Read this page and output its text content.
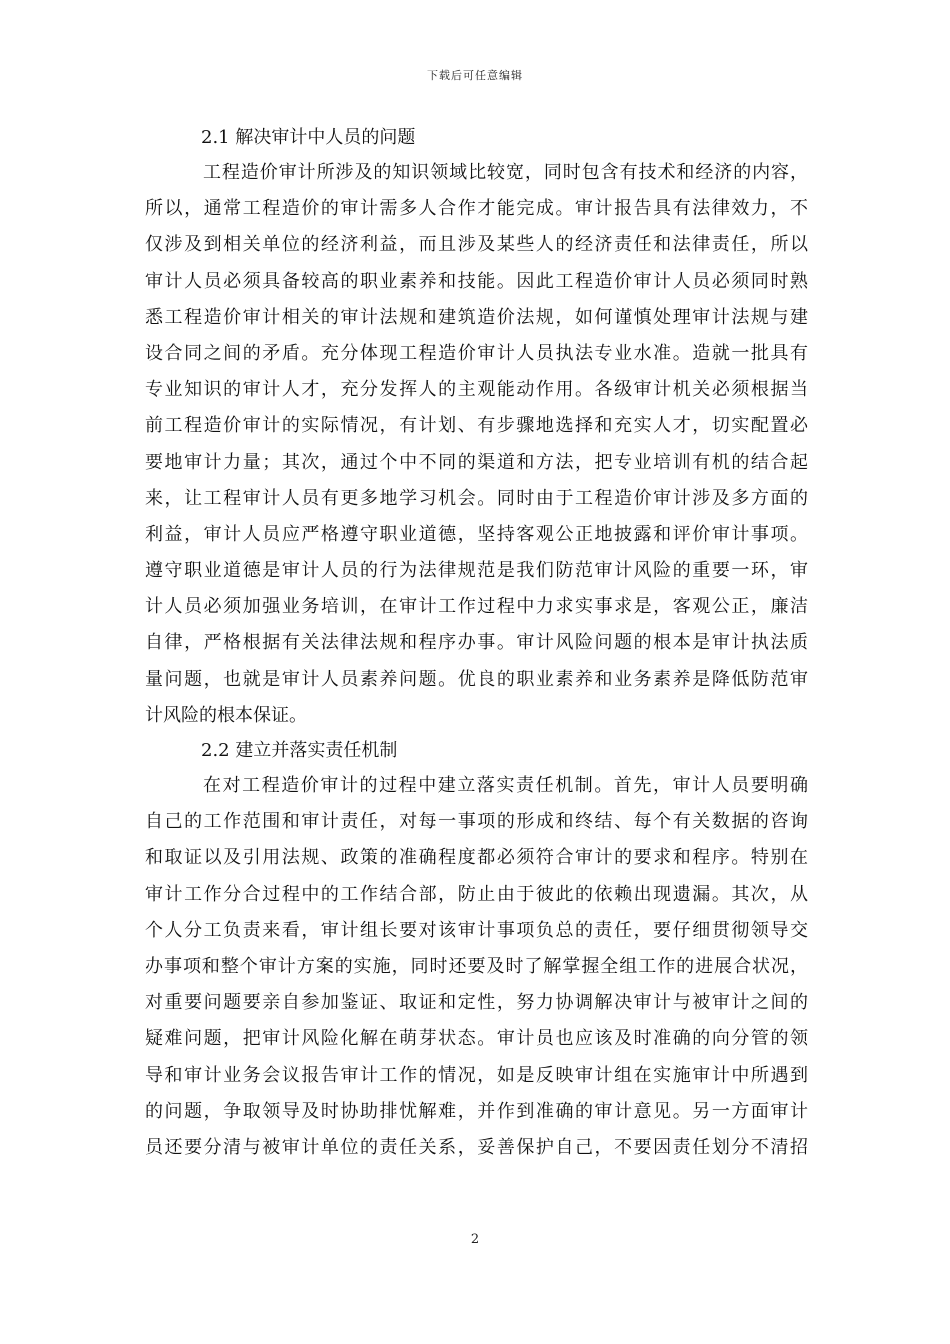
下载后可任意编辑
2.1 解决审计中人员的问题
工程造价审计所涉及的知识领域比较宽，同时包含有技术和经济的内容，
所以，通常工程造价的审计需多人合作才能完成。审计报告具有法律效力，不
仅涉及到相关单位的经济利益，而且涉及某些人的经济责任和法律责任，所以
审计人员必须具备较高的职业素养和技能。因此工程造价审计人员必须同时熟
悉工程造价审计相关的审计法规和建筑造价法规，如何谨慎处理审计法规与建
设合同之间的矛盾。充分体现工程造价审计人员执法专业水准。造就一批具有
专业知识的审计人才，充分发挥人的主观能动作用。各级审计机关必须根据当
前工程造价审计的实际情况，有计划、有步骤地选择和充实人才，切实配置必
要地审计力量；其次，通过个中不同的渠道和方法，把专业培训有机的结合起
来，让工程审计人员有更多地学习机会。同时由于工程造价审计涉及多方面的
利益，审计人员应严格遵守职业道德，坚持客观公正地披露和评价审计事项。
遵守职业道德是审计人员的行为法律规范是我们防范审计风险的重要一环，审
计人员必须加强业务培训，在审计工作过程中力求实事求是，客观公正，廉洁
自律，严格根据有关法律法规和程序办事。审计风险问题的根本是审计执法质
量问题，也就是审计人员素养问题。优良的职业素养和业务素养是降低防范审
计风险的根本保证。
2.2 建立并落实责任机制
在对工程造价审计的过程中建立落实责任机制。首先，审计人员要明确
自己的工作范围和审计责任，对每一事项的形成和终结、每个有关数据的咨询
和取证以及引用法规、政策的准确程度都必须符合审计的要求和程序。特别在
审计工作分合过程中的工作结合部，防止由于彼此的依赖出现遗漏。其次，从
个人分工负责来看，审计组长要对该审计事项负总的责任，要仔细贯彻领导交
办事项和整个审计方案的实施，同时还要及时了解掌握全组工作的进展合状况，
对重要问题要亲自参加鉴证、取证和定性，努力协调解决审计与被审计之间的
疑难问题，把审计风险化解在萌芽状态。审计员也应该及时准确的向分管的领
导和审计业务会议报告审计工作的情况，如是反映审计组在实施审计中所遇到
的问题，争取领导及时协助排忧解难，并作到准确的审计意见。另一方面审计
员还要分清与被审计单位的责任关系，妥善保护自己，不要因责任划分不清招
2
